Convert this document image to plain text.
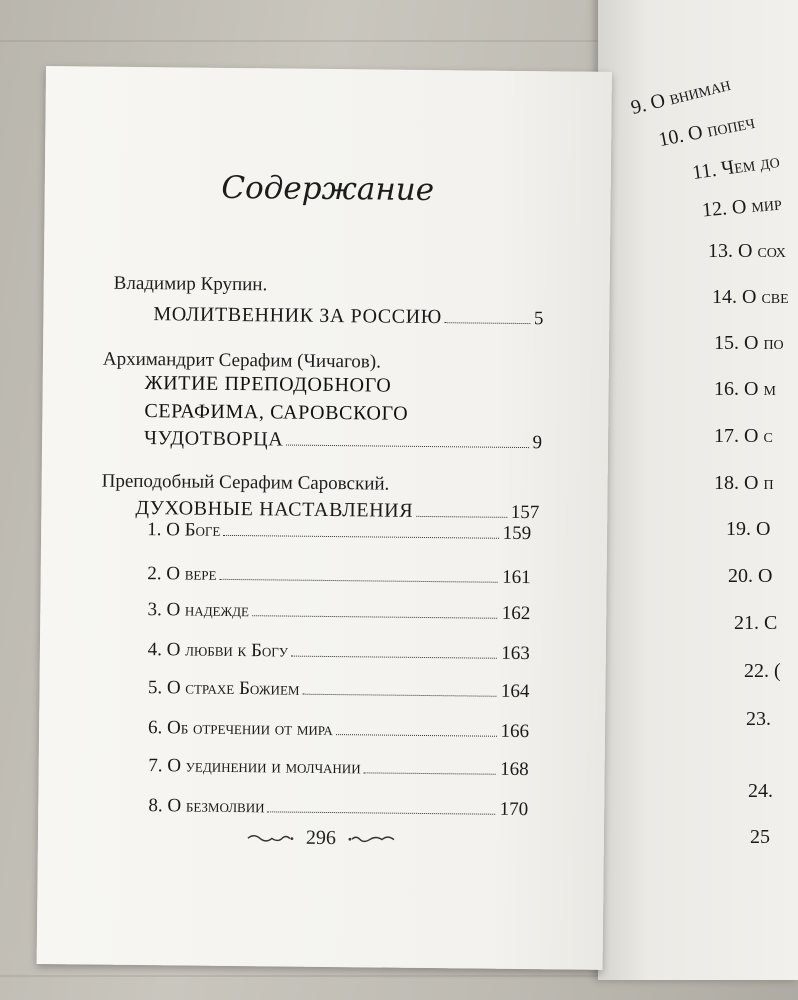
9. О вниман
10. О попеч
11. Чем до
12. О мир
13. О сох
14. О све
15. О по
16. О м
17. О с
18. О п
19. О
20. О
21. С
22. (
23.
24.
25
Содержание
Владимир Крупин.
МОЛИТВЕННИК ЗА РОССИЮ	5
Архимандрит Серафим (Чичагов).
ЖИТИЕ ПРЕПОДОБНОГО
СЕРАФИМА, САРОВСКОГО
ЧУДОТВОРЦА	9
Преподобный Серафим Саровский.
ДУХОВНЫЕ НАСТАВЛЕНИЯ	157
1. О Боге	159
2. О вере	161
3. О надежде	162
4. О любви к Богу	163
5. О страхе Божием	164
6. Об отречении от мира	166
7. О уединении и молчании	168
8. О безмолвии	170
296
